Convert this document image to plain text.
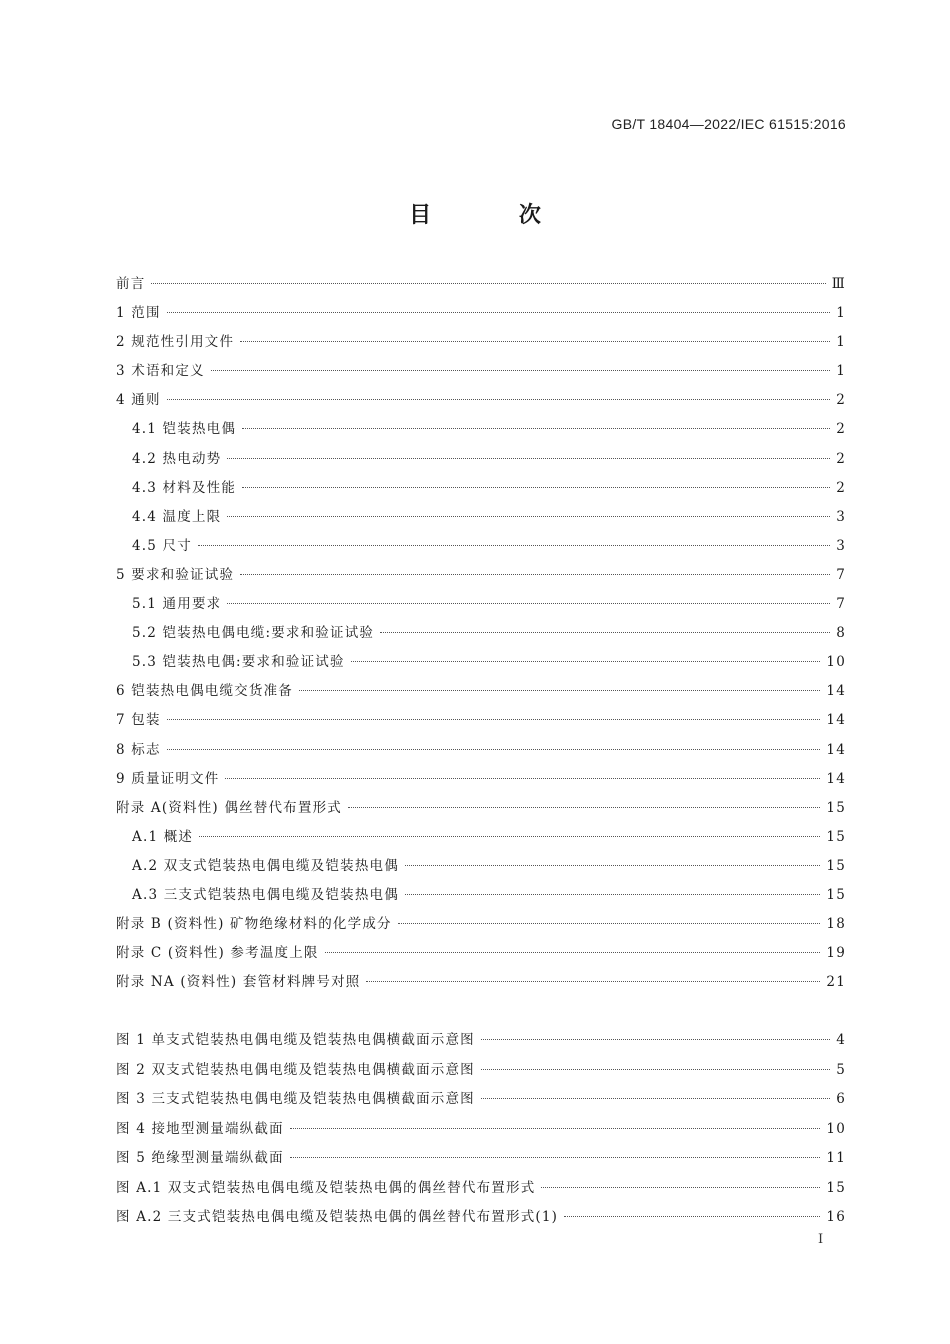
GB/T 18404—2022/IEC 61515:2016
目 次
前言	Ⅲ
1 范围	1
2 规范性引用文件	1
3 术语和定义	1
4 通则	2
4.1 铠装热电偶	2
4.2 热电动势	2
4.3 材料及性能	2
4.4 温度上限	3
4.5 尺寸	3
5 要求和验证试验	7
5.1 通用要求	7
5.2 铠装热电偶电缆:要求和验证试验	8
5.3 铠装热电偶:要求和验证试验	10
6 铠装热电偶电缆交货准备	14
7 包装	14
8 标志	14
9 质量证明文件	14
附录 A(资料性) 偶丝替代布置形式	15
A.1 概述	15
A.2 双支式铠装热电偶电缆及铠装热电偶	15
A.3 三支式铠装热电偶电缆及铠装热电偶	15
附录 B (资料性) 矿物绝缘材料的化学成分	18
附录 C (资料性) 参考温度上限	19
附录 NA (资料性) 套管材料牌号对照	21
图 1 单支式铠装热电偶电缆及铠装热电偶横截面示意图	4
图 2 双支式铠装热电偶电缆及铠装热电偶横截面示意图	5
图 3 三支式铠装热电偶电缆及铠装热电偶横截面示意图	6
图 4 接地型测量端纵截面	10
图 5 绝缘型测量端纵截面	11
图 A.1 双支式铠装热电偶电缆及铠装热电偶的偶丝替代布置形式	15
图 A.2 三支式铠装热电偶电缆及铠装热电偶的偶丝替代布置形式(1)	16
I
